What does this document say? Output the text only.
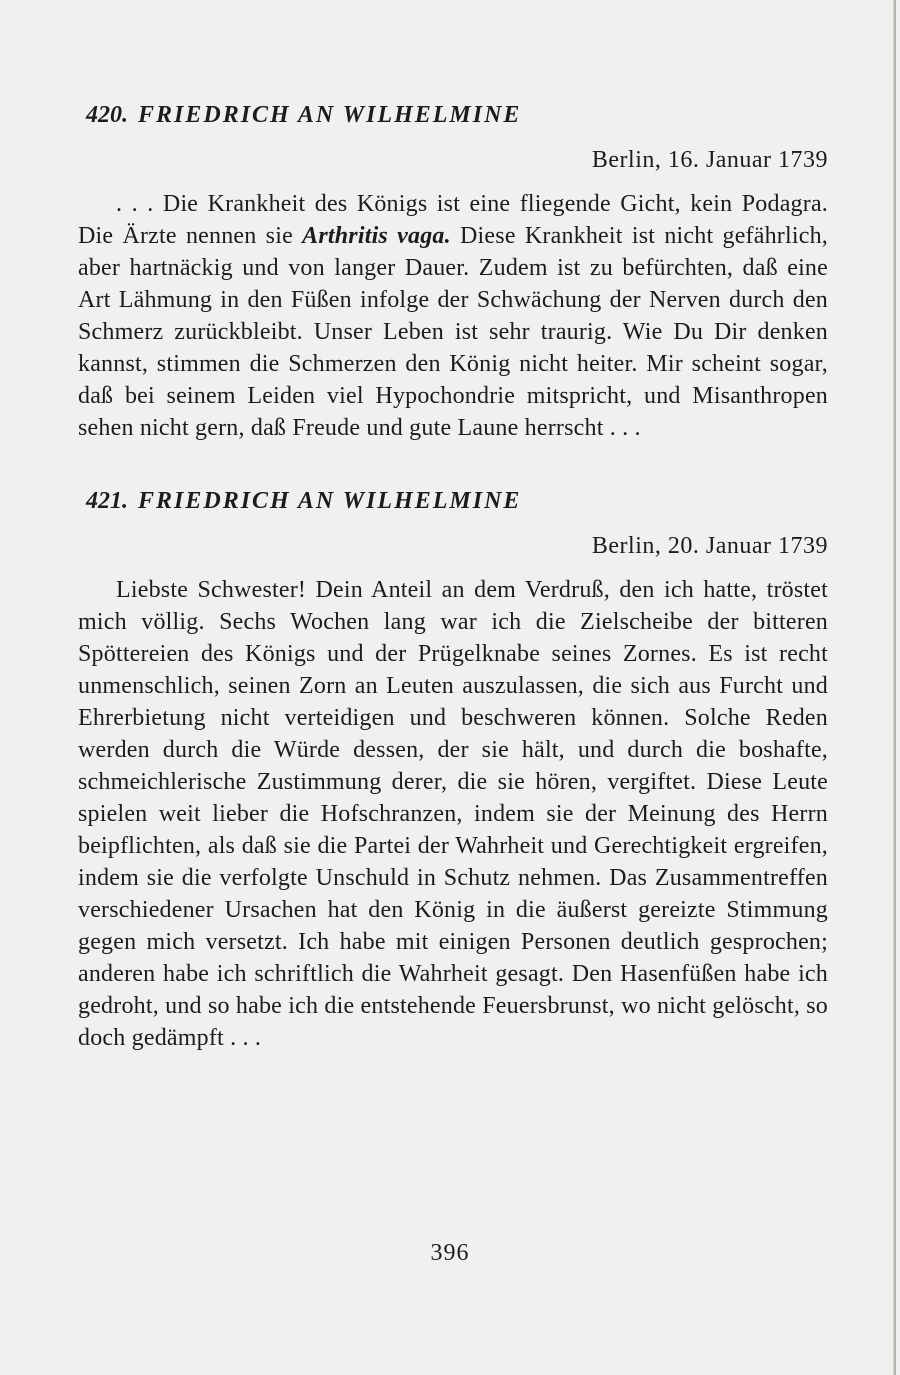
420. FRIEDRICH AN WILHELMINE
Berlin, 16. Januar 1739

. . . Die Krankheit des Königs ist eine fliegende Gicht, kein Podagra. Die Ärzte nennen sie Arthritis vaga. Diese Krankheit ist nicht gefährlich, aber hartnäckig und von langer Dauer. Zudem ist zu befürchten, daß eine Art Lähmung in den Füßen infolge der Schwächung der Nerven durch den Schmerz zurückbleibt. Unser Leben ist sehr traurig. Wie Du Dir denken kannst, stimmen die Schmerzen den König nicht heiter. Mir scheint sogar, daß bei seinem Leiden viel Hypochondrie mitspricht, und Misanthropen sehen nicht gern, daß Freude und gute Laune herrscht . . .

421. FRIEDRICH AN WILHELMINE
Berlin, 20. Januar 1739

Liebste Schwester! Dein Anteil an dem Verdruß, den ich hatte, tröstet mich völlig. Sechs Wochen lang war ich die Zielscheibe der bitteren Spöttereien des Königs und der Prügelknabe seines Zornes. Es ist recht unmenschlich, seinen Zorn an Leuten auszulassen, die sich aus Furcht und Ehrerbietung nicht verteidigen und beschweren können. Solche Reden werden durch die Würde dessen, der sie hält, und durch die boshafte, schmeichlerische Zustimmung derer, die sie hören, vergiftet. Diese Leute spielen weit lieber die Hofschranzen, indem sie der Meinung des Herrn beipflichten, als daß sie die Partei der Wahrheit und Gerechtigkeit ergreifen, indem sie die verfolgte Unschuld in Schutz nehmen. Das Zusammentreffen verschiedener Ursachen hat den König in die äußerst gereizte Stimmung gegen mich versetzt. Ich habe mit einigen Personen deutlich gesprochen; anderen habe ich schriftlich die Wahrheit gesagt. Den Hasenfüßen habe ich gedroht, und so habe ich die entstehende Feuersbrunst, wo nicht gelöscht, so doch gedämpft . . .

396
